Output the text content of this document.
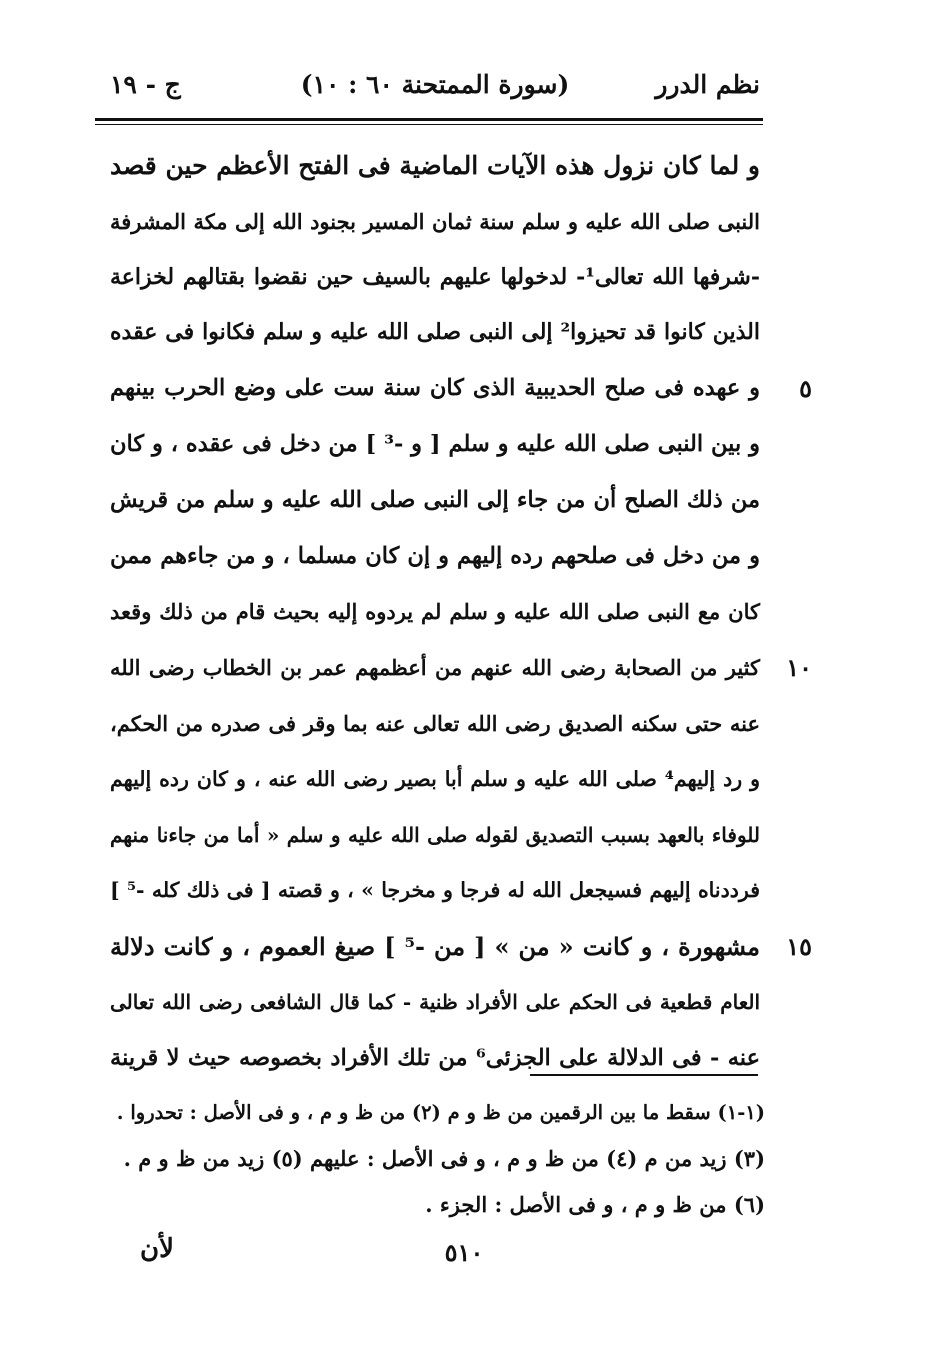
نظم الدرر
(سورة الممتحنة ٦٠ : ١٠)
ج - ١٩
و لما كان نزول هذه الآيات الماضية فى الفتح الأعظم حين قصد
النبى صلى الله عليه و سلم سنة ثمان المسير بجنود الله إلى مكة المشرفة
-شرفها الله تعالى¹- لدخولها عليهم بالسيف حين نقضوا بقتالهم لخزاعة
الذين كانوا قد تحيزوا² إلى النبى صلى الله عليه و سلم فكانوا فى عقده
و عهده فى صلح الحديبية الذى كان سنة ست على وضع الحرب بينهم	٥
و بين النبى صلى الله عليه و سلم [ و -³ ] من دخل فى عقده ، و كان
من ذلك الصلح أن من جاء إلى النبى صلى الله عليه و سلم من قريش
و من دخل فى صلحهم رده إليهم و إن كان مسلما ، و من جاءهم ممن
كان مع النبى صلى الله عليه و سلم لم يردوه إليه بحيث قام من ذلك وقعد
كثير من الصحابة رضى الله عنهم من أعظمهم عمر بن الخطاب رضى الله	١٠
عنه حتى سكنه الصديق رضى الله تعالى عنه بما وقر فى صدره من الحكم،
و رد إليهم⁴ صلى الله عليه و سلم أبا بصير رضى الله عنه ، و كان رده إليهم
للوفاء بالعهد بسبب التصديق لقوله صلى الله عليه و سلم « أما من جاءنا منهم
فرددناه إليهم فسيجعل الله له فرجا و مخرجا » ، و قصته [ فى ذلك كله -⁵ ]
مشهورة ، و كانت « من » [ من -⁵ ] صيغ العموم ، و كانت دلالة	١٥
العام قطعية فى الحكم على الأفراد ظنية - كما قال الشافعى رضى الله تعالى
عنه - فى الدلالة على الجزئى⁶ من تلك الأفراد بخصوصه حيث لا قرينة
(١-١) سقط ما بين الرقمين من ظ و م (٢) من ظ و م ، و فى الأصل : تحدروا .
(٣) زيد من م (٤) من ظ و م ، و فى الأصل : عليهم (٥) زيد من ظ و م .
(٦) من ظ و م ، و فى الأصل : الجزء .
٥١٠
لأن
